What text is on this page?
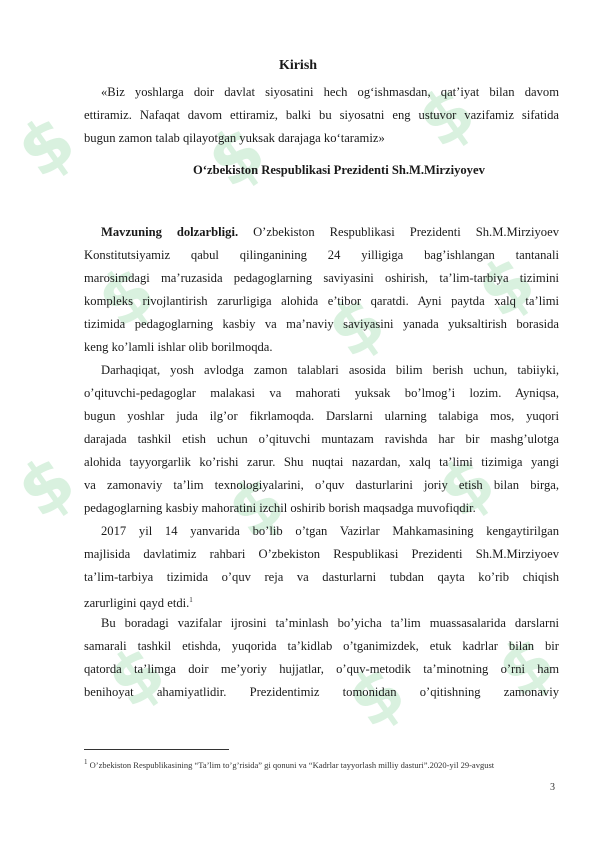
$ $ $
$ $ $
$ $ $
$ $ $
Kirish
«Biz yoshlarga doir davlat siyosatini hech og‘ishmasdan, qat’iyat bilan davom
ettiramiz. Nafaqat davom ettiramiz, balki bu siyosatni eng ustuvor vazifamiz sifatida
bugun zamon talab qilayotgan yuksak darajaga ko‘taramiz»
O‘zbekiston Respublikasi Prezidenti Sh.M.Mirziyoyev
Mavzuning dolzarbligi. O’zbekiston Respublikasi Prezidenti Sh.M.Mirziyoev
Konstitutsiyamiz qabul qilinganining 24 yilligiga bag’ishlangan tantanali
marosimdagi ma’ruzasida pedagoglarning saviyasini oshirish, ta’lim-tarbiya tizimini
kompleks rivojlantirish zarurligiga alohida e’tibor qaratdi. Ayni paytda xalq ta’limi
tizimida pedagoglarning kasbiy va ma’naviy saviyasini yanada yuksaltirish borasida
keng ko’lamli ishlar olib borilmoqda.
Darhaqiqat, yosh avlodga zamon talablari asosida bilim berish uchun, tabiiyki,
o’qituvchi-pedagoglar malakasi va mahorati yuksak bo’lmog’i lozim. Ayniqsa,
bugun yoshlar juda ilg’or fikrlamoqda. Darslarni ularning talabiga mos, yuqori
darajada tashkil etish uchun o’qituvchi muntazam ravishda har bir mashg’ulotga
alohida tayyorgarlik ko’rishi zarur. Shu nuqtai nazardan, xalq ta’limi tizimiga yangi
va zamonaviy ta’lim texnologiyalarini, o’quv dasturlarini joriy etish bilan birga,
pedagoglarning kasbiy mahoratini izchil oshirib borish maqsadga muvofiqdir.
2017 yil 14 yanvarida bo’lib o’tgan Vazirlar Mahkamasining kengaytirilgan
majlisida davlatimiz rahbari O’zbekiston Respublikasi Prezidenti Sh.M.Mirziyoev
ta’lim-tarbiya tizimida o’quv reja va dasturlarni tubdan qayta ko’rib chiqish
zarurligini qayd etdi.$^1$
Bu boradagi vazifalar ijrosini ta’minlash bo’yicha ta’lim muassasalarida darslarni
samarali tashkil etishda, yuqorida ta’kidlab o’tganimizdek, etuk kadrlar bilan bir
qatorda ta’limga doir me’yoriy hujjatlar, o’quv-metodik ta’minotning o’rni ham
benihoyat ahamiyatlidir. Prezidentimiz tomonidan o’qitishning zamonaviy
$^1$ O’zbekiston Respublikasining “Ta’lim to’g’risida” gi qonuni va “Kadrlar tayyorlash milliy dasturi”.2020-yil 29-avgust
3
